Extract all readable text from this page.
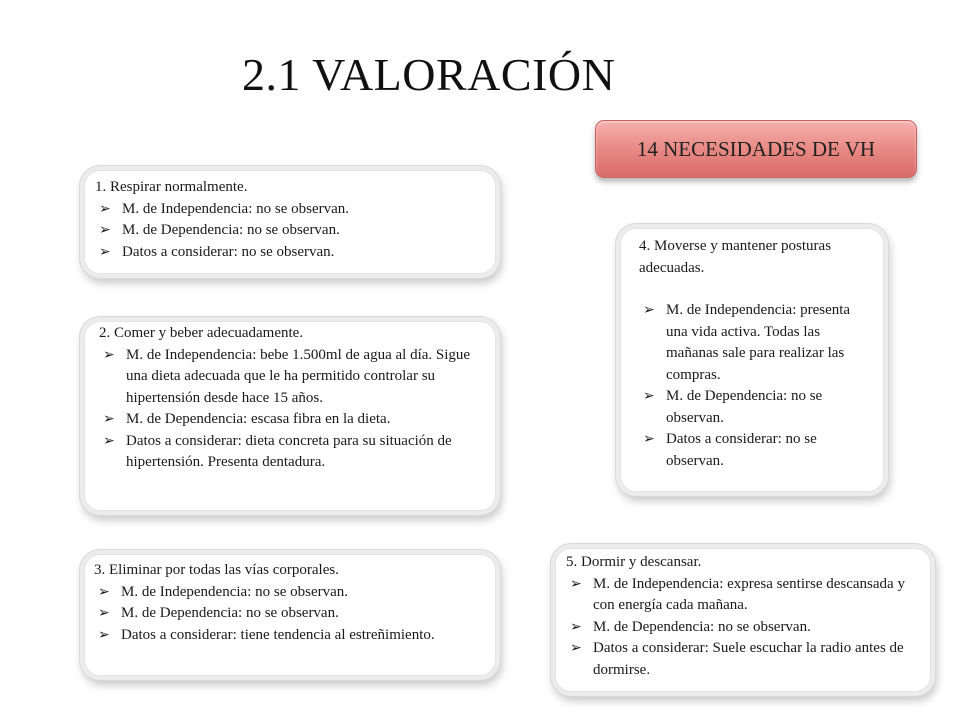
2.1 VALORACIÓN
14 NECESIDADES DE VH
1. Respirar normalmente.
➢ M. de Independencia: no se observan.
➢ M. de Dependencia: no se observan.
➢ Datos a considerar: no se observan.
2. Comer y beber adecuadamente.
➢ M. de Independencia: bebe 1.500ml de agua al día. Sigue una dieta adecuada que le ha permitido controlar su hipertensión desde hace 15 años.
➢ M. de Dependencia: escasa fibra en la dieta.
➢ Datos a considerar: dieta concreta para su situación de hipertensión. Presenta dentadura.
3. Eliminar por todas las vías corporales.
➢ M. de Independencia: no se observan.
➢ M. de Dependencia: no se observan.
➢ Datos a considerar: tiene tendencia al estreñimiento.
4. Moverse y mantener posturas adecuadas.
➢ M. de Independencia: presenta una vida activa. Todas las mañanas sale para realizar las compras.
➢ M. de Dependencia: no se observan.
➢ Datos a considerar: no se observan.
5. Dormir y descansar.
➢ M. de Independencia: expresa sentirse descansada y con energía cada mañana.
➢ M. de Dependencia: no se observan.
➢ Datos a considerar: Suele escuchar la radio antes de dormirse.
